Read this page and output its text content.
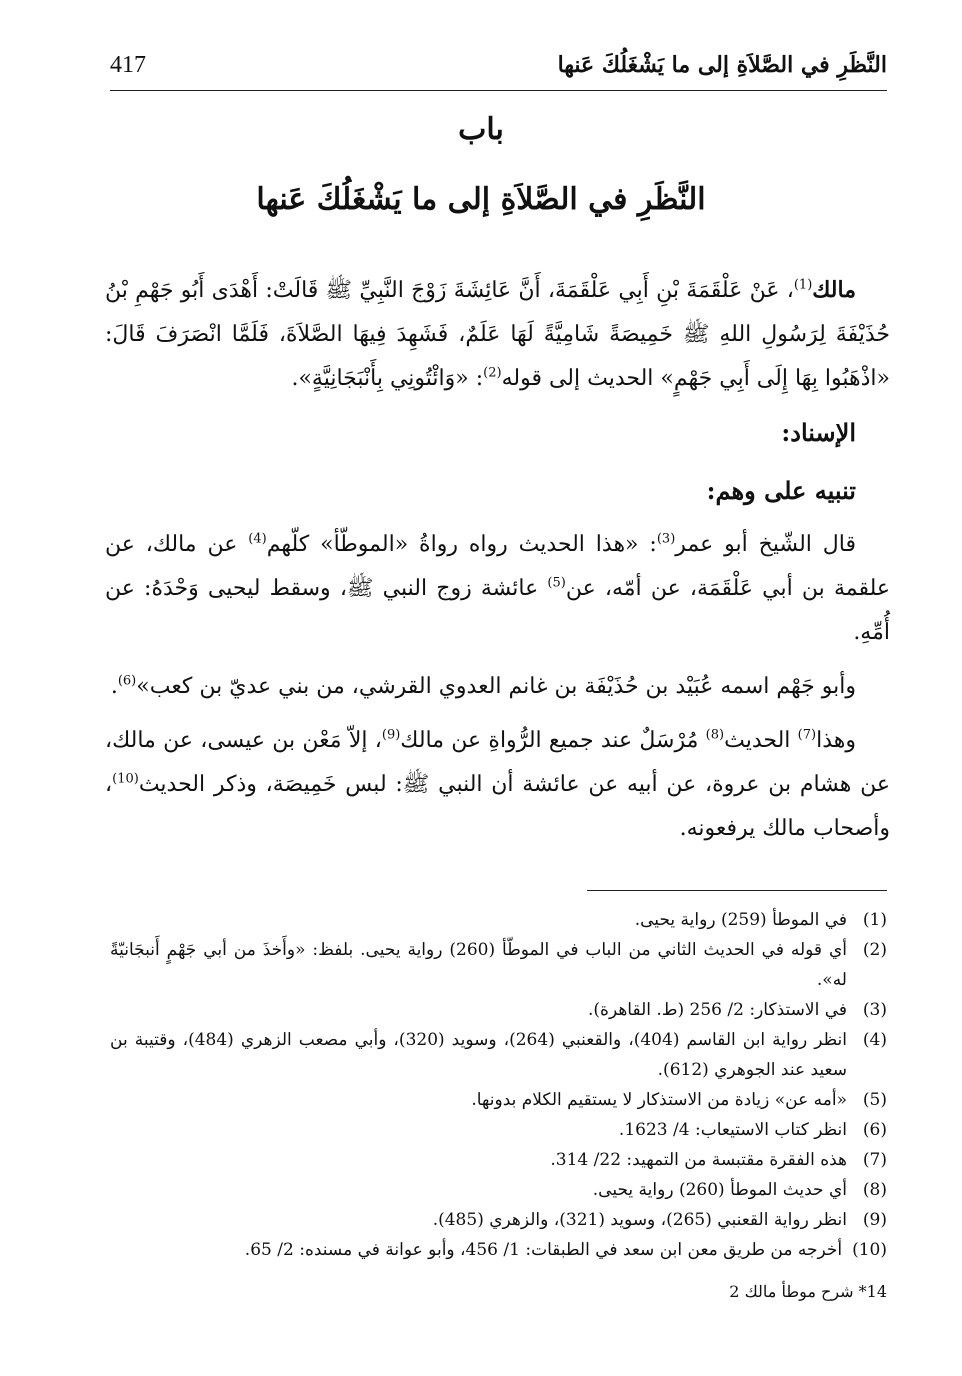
417	النَّظَرِ في الصَّلاَةِ إلى ما يَشْغَلُكَ عَنها
باب
النَّظَرِ في الصَّلاَةِ إلى ما يَشْغَلُكَ عَنها

مالك$^{(1)}$، عَنْ عَلْقَمَةَ بْنِ أَبِي عَلْقَمَةَ، أَنَّ عَائِشَةَ زَوْجَ النَّبِيِّ ﷺ قَالَتْ: أَهْدَى أَبُو جَهْمِ بْنُ حُذَيْفَةَ لِرَسُولِ اللهِ ﷺ خَمِيصَةً شَامِيَّةً لَهَا عَلَمٌ، فَشَهِدَ فِيهَا الصَّلاَةَ، فَلَمَّا انْصَرَفَ قَالَ: «اذْهَبُوا بِهَا إِلَى أَبِي جَهْمٍ» الحديث إلى قوله$^{(2)}$: «وَائْتُونِي بِأَنْبَجَانِيَّةٍ».

الإسناد:

تنبيه على وهم:

قال الشّيخ أبو عمر$^{(3)}$: «هذا الحديث رواه رواةُ «الموطّأ» كلّهم$^{(4)}$ عن مالك، عن علقمة بن أبي عَلْقَمَة، عن أمّه، عن$^{(5)}$ عائشة زوج النبي ﷺ، وسقط ليحيى وَحْدَهُ: عن أُمِّهِ.

وأبو جَهْم اسمه عُبَيْد بن حُذَيْفَة بن غانم العدوي القرشي، من بني عديّ بن كعب»$^{(6)}$.

وهذا$^{(7)}$ الحديث$^{(8)}$ مُرْسَلٌ عند جميع الرُّواةِ عن مالك$^{(9)}$، إلاّ مَعْن بن عيسى، عن مالك، عن هشام بن عروة، عن أبيه عن عائشة أن النبي ﷺ: لبس خَمِيصَة، وذكر الحديث$^{(10)}$، وأصحاب مالك يرفعونه.

(1)
في الموطأ (259) رواية يحيى.
(2)
أي قوله في الحديث الثاني من الباب في الموطّأ (260) رواية يحيى. بلفظ: «وأَخذَ من أبي جَهْمٍ أَنبجَانيّةً له».
(3)
في الاستذكار: 2/ 256 (ط. القاهرة).
(4)
انظر رواية ابن القاسم (404)، والقعنبي (264)، وسويد (320)، وأبي مصعب الزهري (484)، وقتيبة بن سعيد عند الجوهري (612).
(5)
«أمه عن» زيادة من الاستذكار لا يستقيم الكلام بدونها.
(6)
انظر كتاب الاستيعاب: 4/ 1623.
(7)
هذه الفقرة مقتبسة من التمهيد: 22/ 314.
(8)
أي حديث الموطأ (260) رواية يحيى.
(9)
انظر رواية القعنبي (265)، وسويد (321)، والزهري (485).
(10)
أخرجه من طريق معن ابن سعد في الطبقات: 1/ 456، وأبو عوانة في مسنده: 2/ 65.
14* شرح موطأ مالك 2
